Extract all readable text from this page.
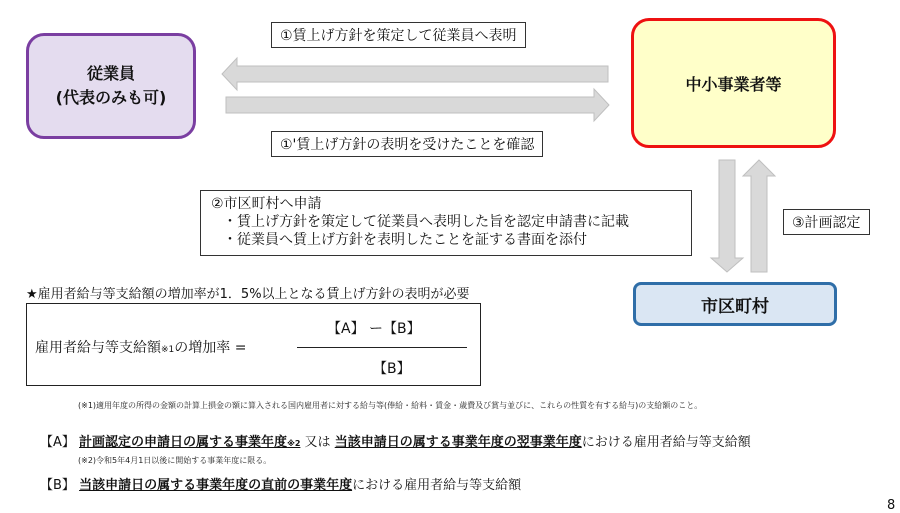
従業員
(代表のみも可)
中小事業者等
市区町村
①賃上げ方針を策定して従業員へ表明
①'賃上げ方針の表明を受けたことを確認
③計画認定
②市区町村へ申請
・賃上げ方針を策定して従業員へ表明した旨を認定申請書に記載
・従業員へ賃上げ方針を表明したことを証する書面を添付
★雇用者給与等支給額の増加率が1．5%以上となる賃上げ方針の表明が必要
雇用者給与等支給額※1の増加率 =
【A】 ー【B】
【B】
(※1)適用年度の所得の金額の計算上損金の額に算入される国内雇用者に対する給与等(俸給・給料・賃金・歳費及び賞与並びに、これらの性質を有する給与)の支給額のこと。
【A】 計画認定の申請日の属する事業年度※2 又は 当該申請日の属する事業年度の翌事業年度における雇用者給与等支給額
(※2)令和5年4月1日以後に開始する事業年度に限る。
【B】 当該申請日の属する事業年度の直前の事業年度における雇用者給与等支給額
8
